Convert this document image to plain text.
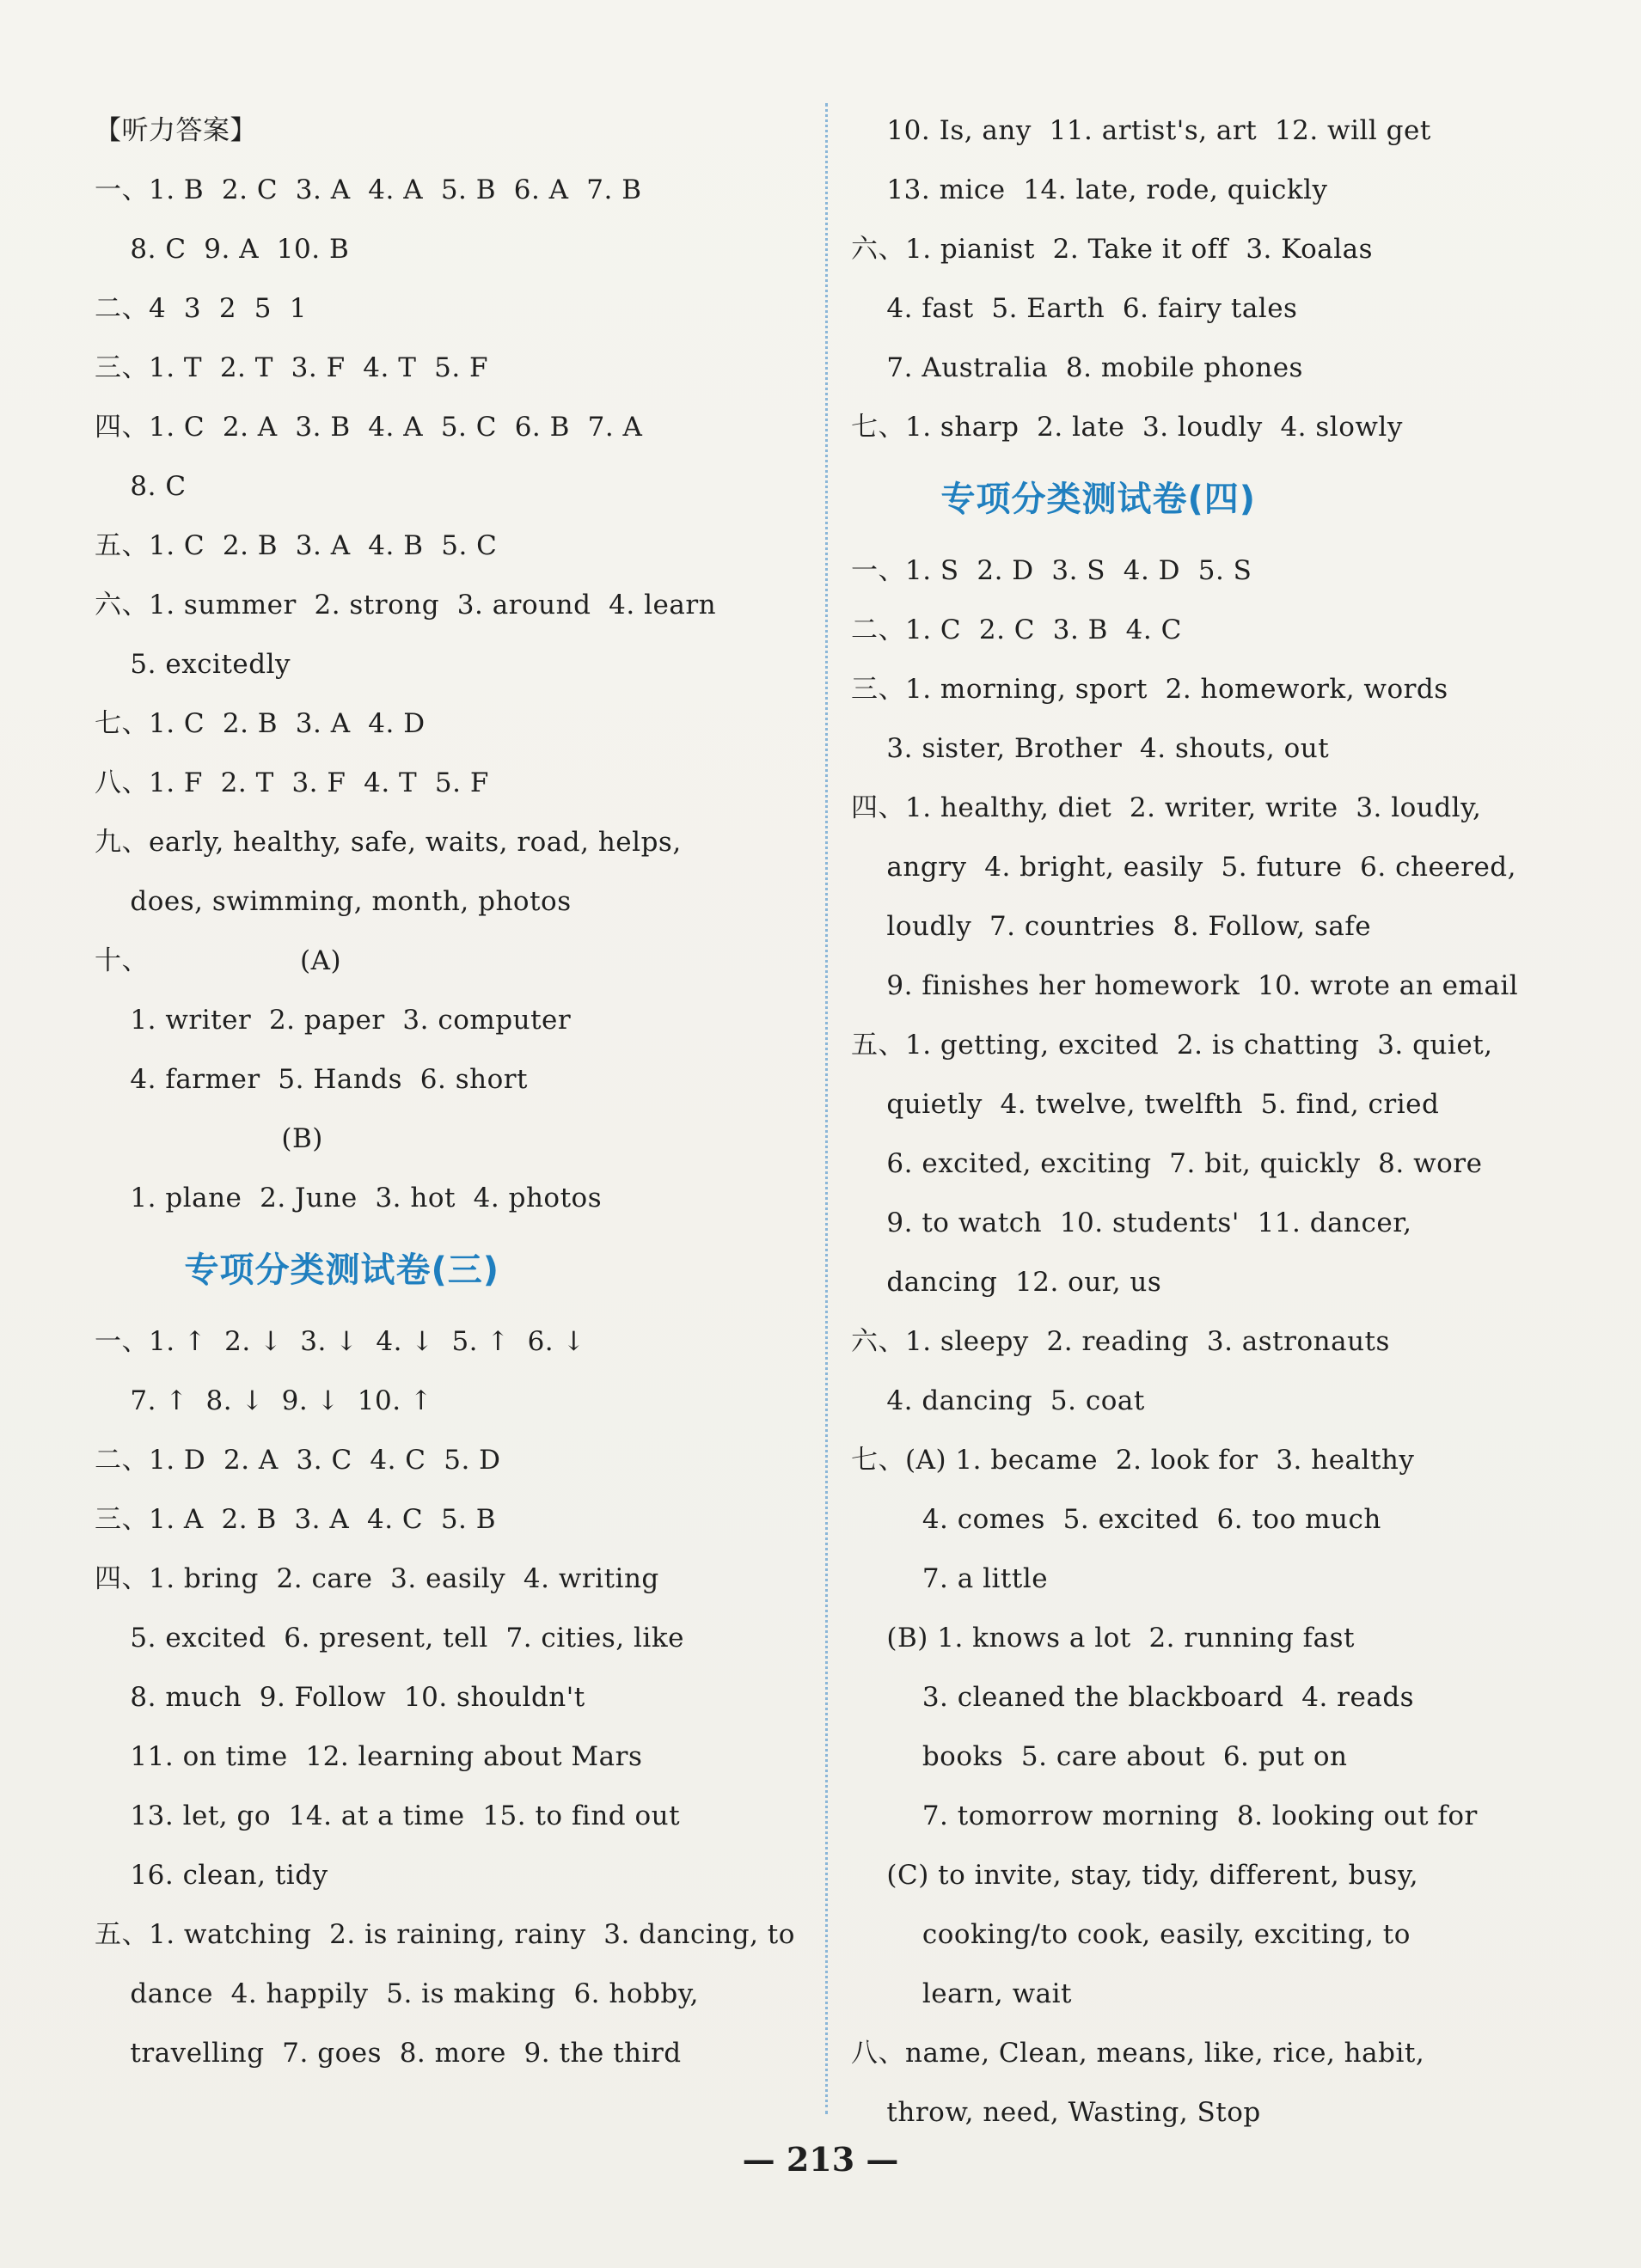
【听力答案】
一、1. B  2. C  3. A  4. A  5. B  6. A  7. B
8. C  9. A  10. B
二、4  3  2  5  1
三、1. T  2. T  3. F  4. T  5. F
四、1. C  2. A  3. B  4. A  5. C  6. B  7. A
8. C
五、1. C  2. B  3. A  4. B  5. C
六、1. summer  2. strong  3. around  4. learn
5. excitedly
七、1. C  2. B  3. A  4. D
八、1. F  2. T  3. F  4. T  5. F
九、early, healthy, safe, waits, road, helps,
does, swimming, month, photos
十、                 (A)
1. writer  2. paper  3. computer
4. farmer  5. Hands  6. short
(B)
1. plane  2. June  3. hot  4. photos
专项分类测试卷(三)
一、1. ↑  2. ↓  3. ↓  4. ↓  5. ↑  6. ↓
7. ↑  8. ↓  9. ↓  10. ↑
二、1. D  2. A  3. C  4. C  5. D
三、1. A  2. B  3. A  4. C  5. B
四、1. bring  2. care  3. easily  4. writing
5. excited  6. present, tell  7. cities, like
8. much  9. Follow  10. shouldn't
11. on time  12. learning about Mars
13. let, go  14. at a time  15. to find out
16. clean, tidy
五、1. watching  2. is raining, rainy  3. dancing, to
dance  4. happily  5. is making  6. hobby,
travelling  7. goes  8. more  9. the third
10. Is, any  11. artist's, art  12. will get
13. mice  14. late, rode, quickly
六、1. pianist  2. Take it off  3. Koalas
4. fast  5. Earth  6. fairy tales
7. Australia  8. mobile phones
七、1. sharp  2. late  3. loudly  4. slowly
专项分类测试卷(四)
一、1. S  2. D  3. S  4. D  5. S
二、1. C  2. C  3. B  4. C
三、1. morning, sport  2. homework, words
3. sister, Brother  4. shouts, out
四、1. healthy, diet  2. writer, write  3. loudly,
angry  4. bright, easily  5. future  6. cheered,
loudly  7. countries  8. Follow, safe
9. finishes her homework  10. wrote an email
五、1. getting, excited  2. is chatting  3. quiet,
quietly  4. twelve, twelfth  5. find, cried
6. excited, exciting  7. bit, quickly  8. wore
9. to watch  10. students'  11. dancer,
dancing  12. our, us
六、1. sleepy  2. reading  3. astronauts
4. dancing  5. coat
七、(A) 1. became  2. look for  3. healthy
4. comes  5. excited  6. too much
7. a little
(B) 1. knows a lot  2. running fast
3. cleaned the blackboard  4. reads
books  5. care about  6. put on
7. tomorrow morning  8. looking out for
(C) to invite, stay, tidy, different, busy,
cooking/to cook, easily, exciting, to
learn, wait
八、name, Clean, means, like, rice, habit,
throw, need, Wasting, Stop
— 213 —
